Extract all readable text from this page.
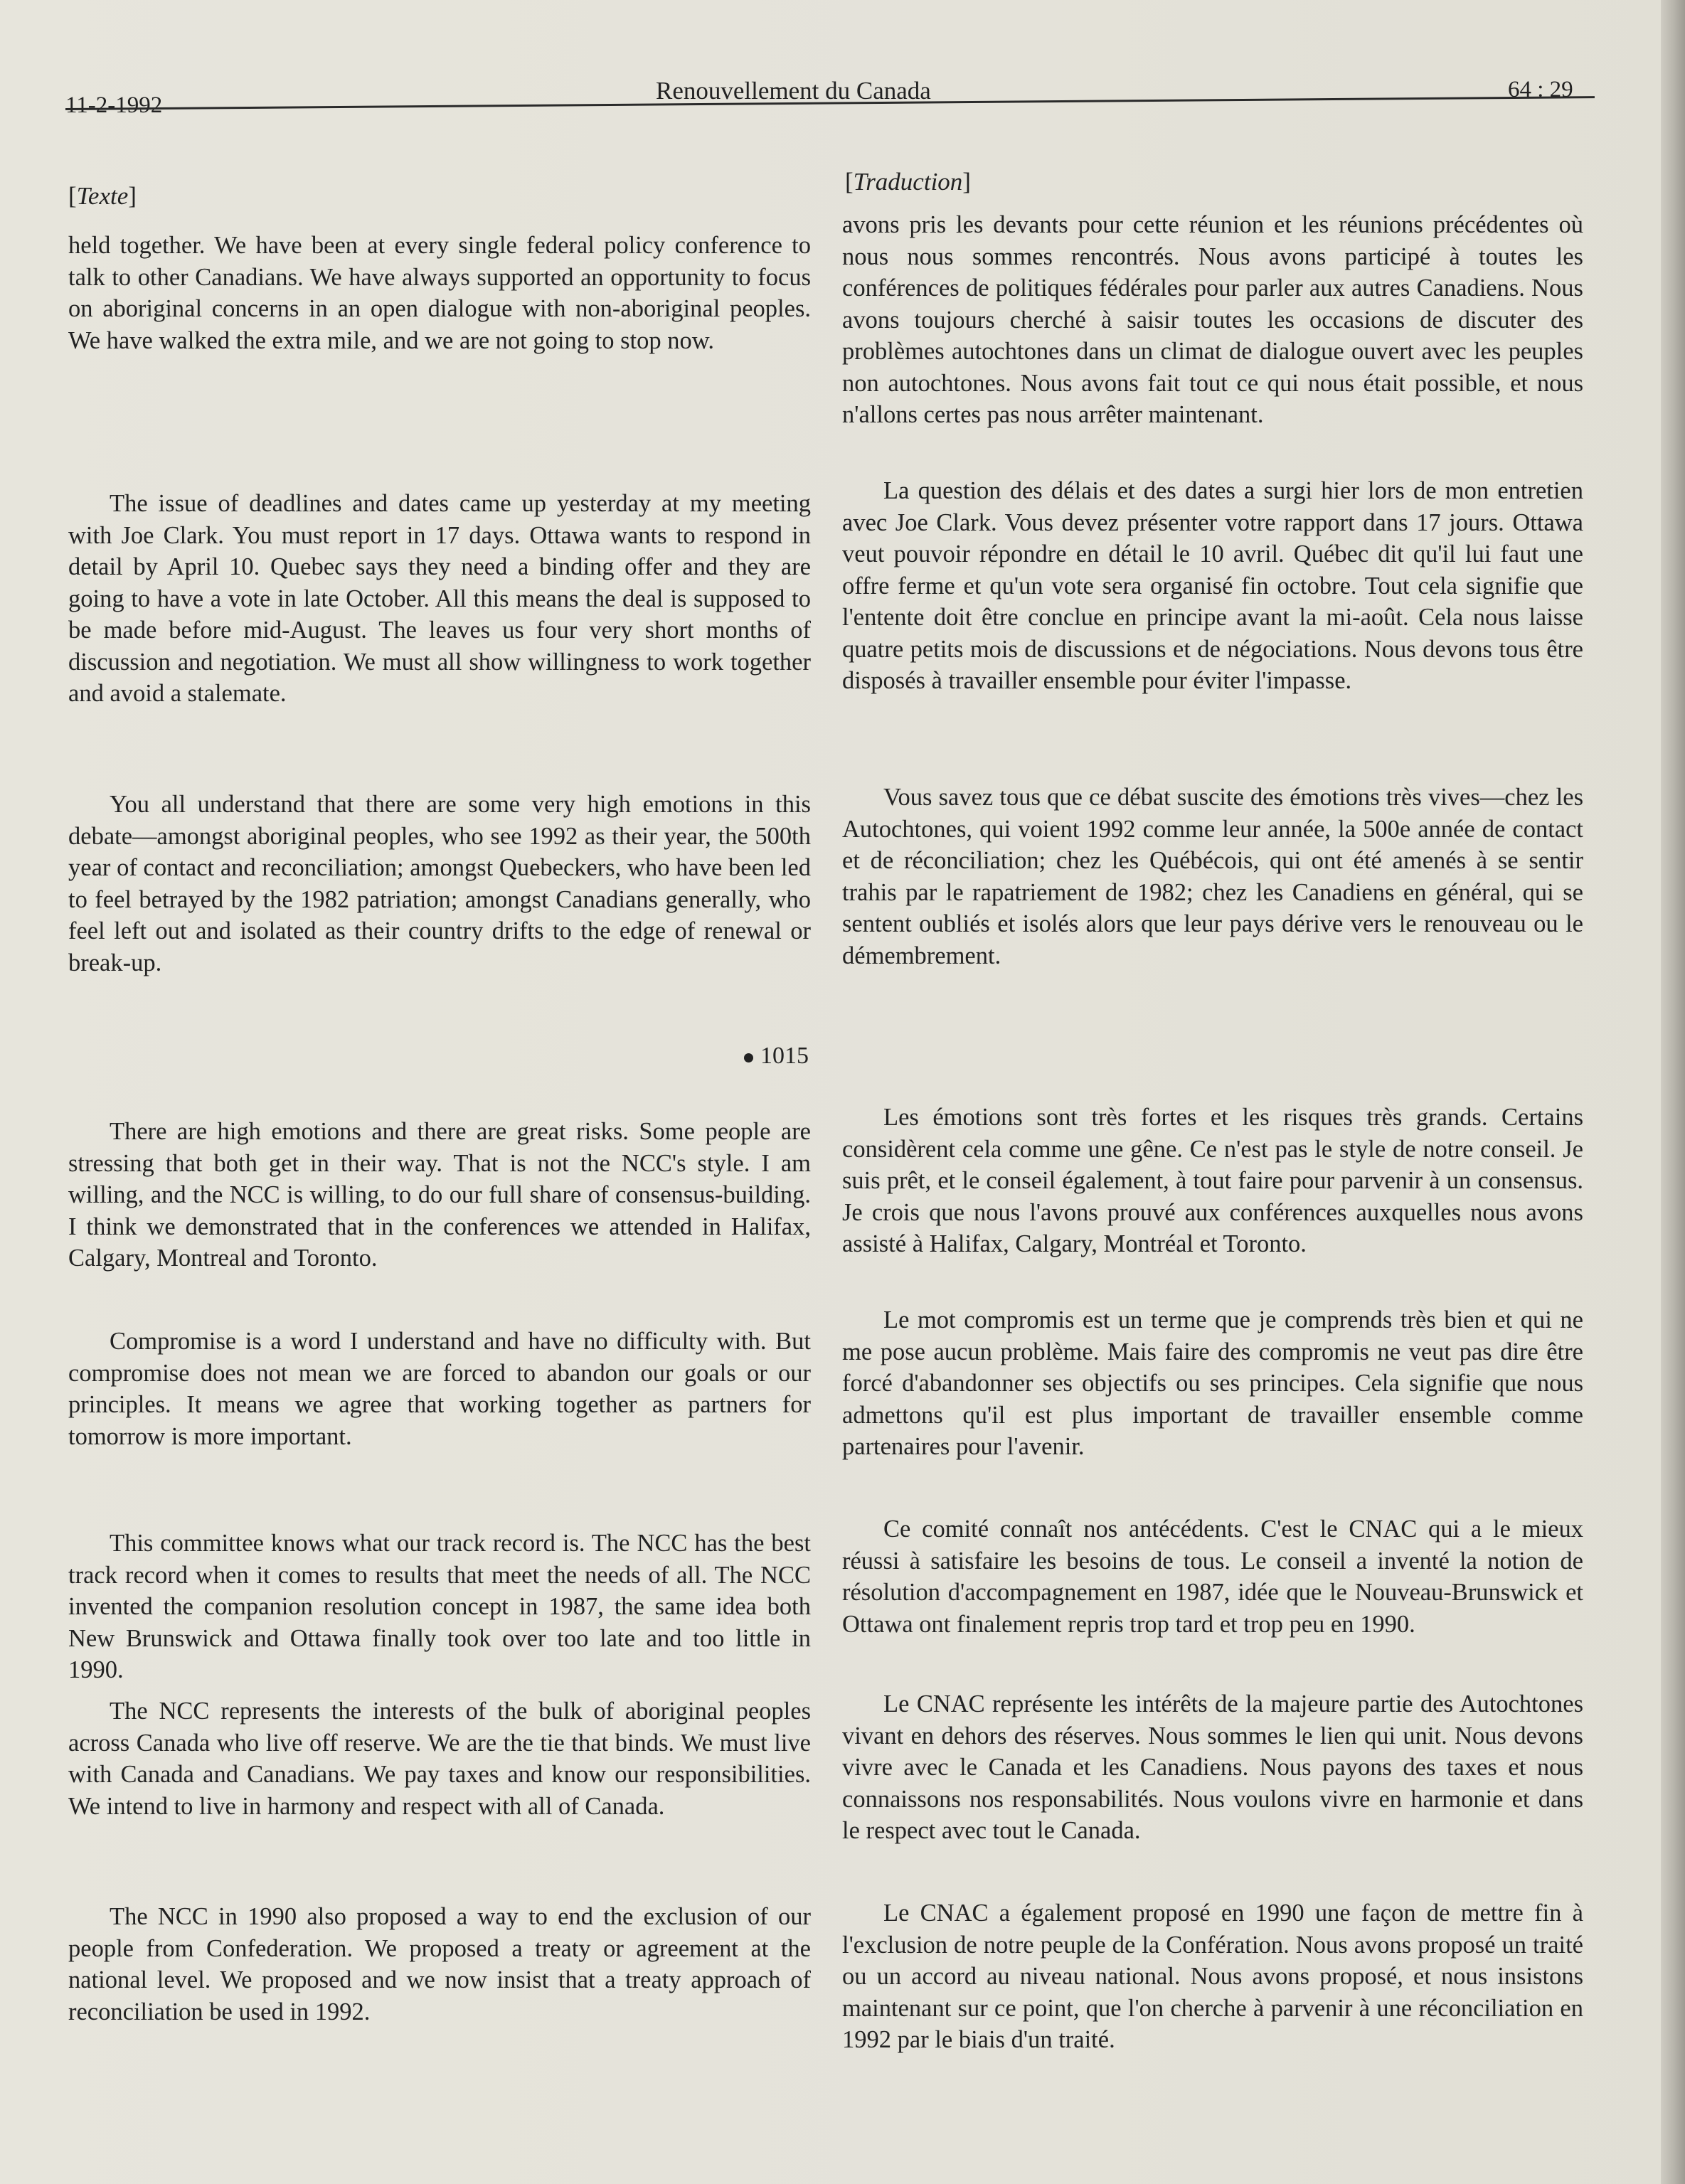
11-2-1992
Renouvellement du Canada	64 : 29
[Texte]

held together. We have been at every single federal policy conference to talk to other Canadians. We have always supported an opportunity to focus on aboriginal concerns in an open dialogue with non-aboriginal peoples. We have walked the extra mile, and we are not going to stop now.

The issue of deadlines and dates came up yesterday at my meeting with Joe Clark. You must report in 17 days. Ottawa wants to respond in detail by April 10. Quebec says they need a binding offer and they are going to have a vote in late October. All this means the deal is supposed to be made before mid-August. The leaves us four very short months of discussion and negotiation. We must all show willingness to work together and avoid a stalemate.

You all understand that there are some very high emotions in this debate—amongst aboriginal peoples, who see 1992 as their year, the 500th year of contact and reconciliation; amongst Quebeckers, who have been led to feel betrayed by the 1982 patriation; amongst Canadians generally, who feel left out and isolated as their country drifts to the edge of renewal or break-up.

1015

There are high emotions and there are great risks. Some people are stressing that both get in their way. That is not the NCC's style. I am willing, and the NCC is willing, to do our full share of consensus-building. I think we demonstrated that in the conferences we attended in Halifax, Calgary, Montreal and Toronto.

Compromise is a word I understand and have no difficulty with. But compromise does not mean we are forced to abandon our goals or our principles. It means we agree that working together as partners for tomorrow is more important.

This committee knows what our track record is. The NCC has the best track record when it comes to results that meet the needs of all. The NCC invented the companion resolution concept in 1987, the same idea both New Brunswick and Ottawa finally took over too late and too little in 1990.

The NCC represents the interests of the bulk of aboriginal peoples across Canada who live off reserve. We are the tie that binds. We must live with Canada and Canadians. We pay taxes and know our responsibilities. We intend to live in harmony and respect with all of Canada.

The NCC in 1990 also proposed a way to end the exclusion of our people from Confederation. We proposed a treaty or agreement at the national level. We proposed and we now insist that a treaty approach of reconciliation be used in 1992.

[Traduction]

avons pris les devants pour cette réunion et les réunions précédentes où nous nous sommes rencontrés. Nous avons participé à toutes les conférences de politiques fédérales pour parler aux autres Canadiens. Nous avons toujours cherché à saisir toutes les occasions de discuter des problèmes autochtones dans un climat de dialogue ouvert avec les peuples non autochtones. Nous avons fait tout ce qui nous était possible, et nous n'allons certes pas nous arrêter maintenant.

La question des délais et des dates a surgi hier lors de mon entretien avec Joe Clark. Vous devez présenter votre rapport dans 17 jours. Ottawa veut pouvoir répondre en détail le 10 avril. Québec dit qu'il lui faut une offre ferme et qu'un vote sera organisé fin octobre. Tout cela signifie que l'entente doit être conclue en principe avant la mi-août. Cela nous laisse quatre petits mois de discussions et de négociations. Nous devons tous être disposés à travailler ensemble pour éviter l'impasse.

Vous savez tous que ce débat suscite des émotions très vives—chez les Autochtones, qui voient 1992 comme leur année, la 500e année de contact et de réconciliation; chez les Québécois, qui ont été amenés à se sentir trahis par le rapatriement de 1982; chez les Canadiens en général, qui se sentent oubliés et isolés alors que leur pays dérive vers le renouveau ou le démembrement.

Les émotions sont très fortes et les risques très grands. Certains considèrent cela comme une gêne. Ce n'est pas le style de notre conseil. Je suis prêt, et le conseil également, à tout faire pour parvenir à un consensus. Je crois que nous l'avons prouvé aux conférences auxquelles nous avons assisté à Halifax, Calgary, Montréal et Toronto.

Le mot compromis est un terme que je comprends très bien et qui ne me pose aucun problème. Mais faire des compromis ne veut pas dire être forcé d'abandonner ses objectifs ou ses principes. Cela signifie que nous admettons qu'il est plus important de travailler ensemble comme partenaires pour l'avenir.

Ce comité connaît nos antécédents. C'est le CNAC qui a le mieux réussi à satisfaire les besoins de tous. Le conseil a inventé la notion de résolution d'accompagnement en 1987, idée que le Nouveau-Brunswick et Ottawa ont finalement repris trop tard et trop peu en 1990.

Le CNAC représente les intérêts de la majeure partie des Autochtones vivant en dehors des réserves. Nous sommes le lien qui unit. Nous devons vivre avec le Canada et les Canadiens. Nous payons des taxes et nous connaissons nos responsabilités. Nous voulons vivre en harmonie et dans le respect avec tout le Canada.

Le CNAC a également proposé en 1990 une façon de mettre fin à l'exclusion de notre peuple de la Confération. Nous avons proposé un traité ou un accord au niveau national. Nous avons proposé, et nous insistons maintenant sur ce point, que l'on cherche à parvenir à une réconciliation en 1992 par le biais d'un traité.
